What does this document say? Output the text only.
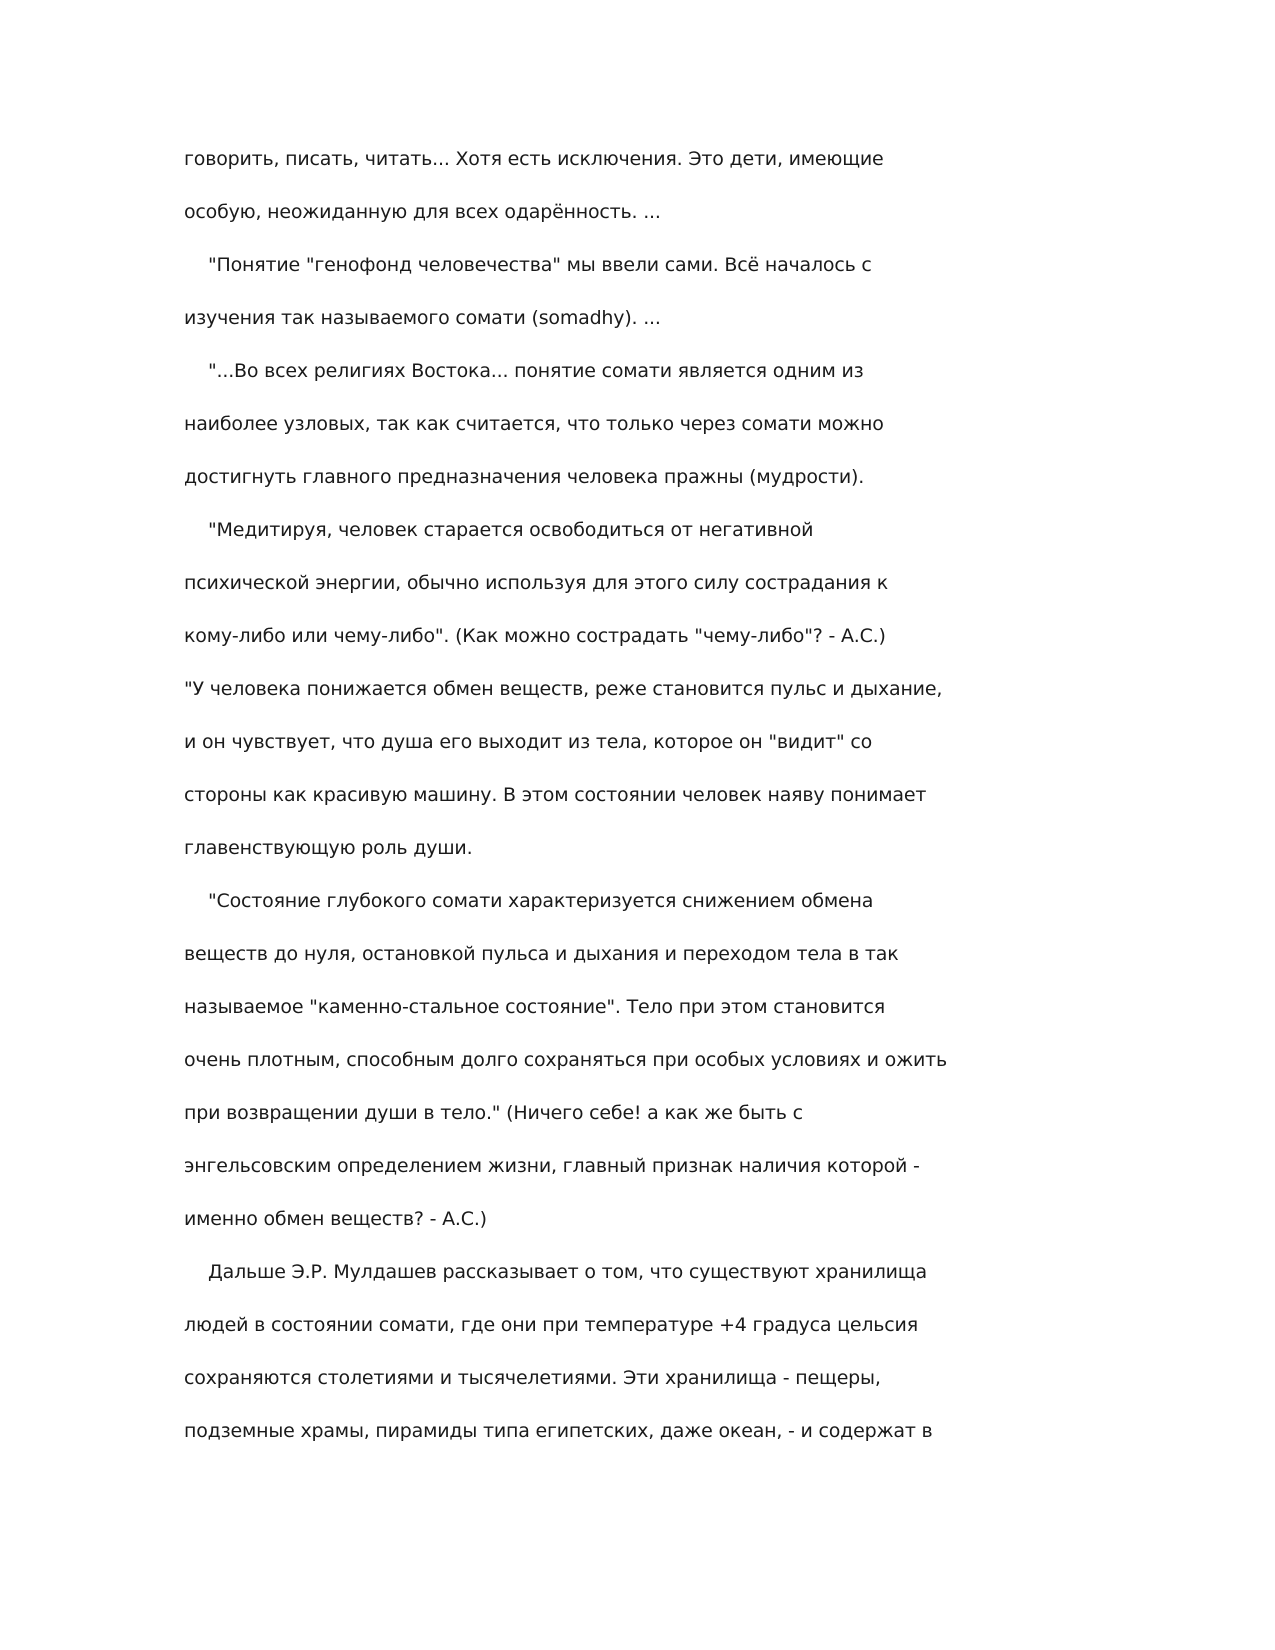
говорить, писать, читать... Хотя есть исключения. Это дети, имеющие
особую, неожиданную для всех одарённость. ...
"Понятие "генофонд человечества" мы ввели сами. Всё началось с
изучения так называемого сомати (somadhy). ...
"...Во всех религиях Востока... понятие сомати является одним из
наиболее узловых, так как считается, что только через сомати можно
достигнуть главного предназначения человека пражны (мудрости).
"Медитируя, человек старается освободиться от негативной
психической энергии, обычно используя для этого силу сострадания к
кому-либо или чему-либо". (Как можно сострадать "чему-либо"? - А.С.)
"У человека понижается обмен веществ, реже становится пульс и дыхание,
и он чувствует, что душа его выходит из тела, которое он "видит" со
стороны как красивую машину. В этом состоянии человек наяву понимает
главенствующую роль души.
"Состояние глубокого сомати характеризуется снижением обмена
веществ до нуля, остановкой пульса и дыхания и переходом тела в так
называемое "каменно-стальное состояние". Тело при этом становится
очень плотным, способным долго сохраняться при особых условиях и ожить
при возвращении души в тело." (Ничего себе! а как же быть с
энгельсовским определением жизни, главный признак наличия которой -
именно обмен веществ? - А.С.)
Дальше Э.Р. Мулдашев рассказывает о том, что существуют хранилища
людей в состоянии сомати, где они при температуре +4 градуса цельсия
сохраняются столетиями и тысячелетиями. Эти хранилища - пещеры,
подземные храмы, пирамиды типа египетских, даже океан, - и содержат в
